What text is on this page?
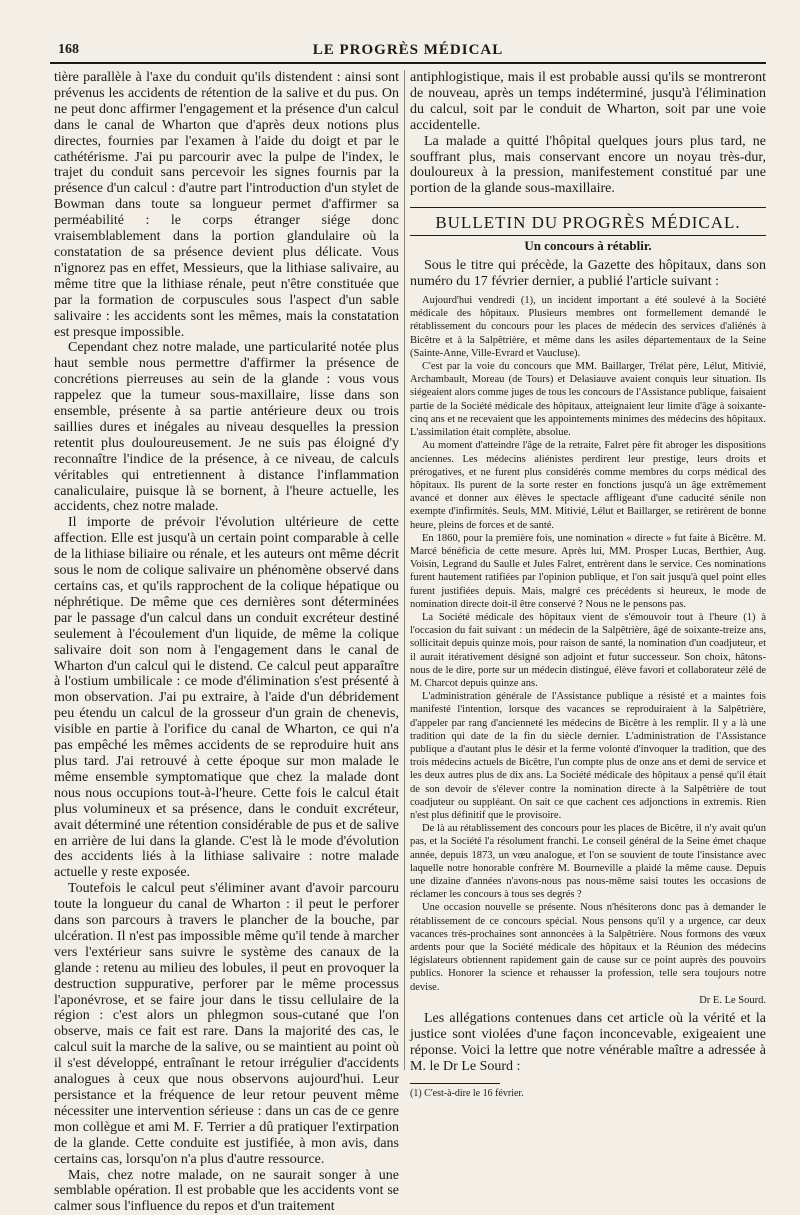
168	LE PROGRÈS MÉDICAL

tière parallèle à l'axe du conduit qu'ils distendent : ainsi sont prévenus les accidents de rétention de la salive et du pus. On ne peut donc affirmer l'engagement et la présence d'un calcul dans le canal de Wharton que d'après deux notions plus directes, fournies par l'examen à l'aide du doigt et par le cathétérisme. J'ai pu parcourir avec la pulpe de l'index, le trajet du conduit sans percevoir les signes fournis par la présence d'un calcul : d'autre part l'introduction d'un stylet de Bowman dans toute sa longueur permet d'affirmer sa perméabilité : le corps étranger siége donc vraisemblablement dans la portion glandulaire où la constatation de sa présence devient plus délicate. Vous n'ignorez pas en effet, Messieurs, que la lithiase salivaire, au même titre que la lithiase rénale, peut n'être constituée que par la formation de corpuscules sous l'aspect d'un sable salivaire : les accidents sont les mêmes, mais la constatation est presque impossible.

Cependant chez notre malade, une particularité notée plus haut semble nous permettre d'affirmer la présence de concrétions pierreuses au sein de la glande : vous vous rappelez que la tumeur sous-maxillaire, lisse dans son ensemble, présente à sa partie antérieure deux ou trois saillies dures et inégales au niveau desquelles la pression retentit plus douloureusement. Je ne suis pas éloigné d'y reconnaître l'indice de la présence, à ce niveau, de calculs véritables qui entretiennent à distance l'inflammation canaliculaire, puisque là se bornent, à l'heure actuelle, les accidents, chez notre malade.

Il importe de prévoir l'évolution ultérieure de cette affection. Elle est jusqu'à un certain point comparable à celle de la lithiase biliaire ou rénale, et les auteurs ont même décrit sous le nom de colique salivaire un phénomène observé dans certains cas, et qu'ils rapprochent de la colique hépatique ou néphrétique. De même que ces dernières sont déterminées par le passage d'un calcul dans un conduit excréteur destiné seulement à l'écoulement d'un liquide, de même la colique salivaire doit son nom à l'engagement dans le canal de Wharton d'un calcul qui le distend. Ce calcul peut apparaître à l'ostium umbilicale : ce mode d'élimination s'est présenté à mon observation. J'ai pu extraire, à l'aide d'un débridement peu étendu un calcul de la grosseur d'un grain de chenevis, visible en partie à l'orifice du canal de Wharton, ce qui n'a pas empêché les mêmes accidents de se reproduire huit ans plus tard. J'ai retrouvé à cette époque sur mon malade le même ensemble symptomatique que chez la malade dont nous nous occupions tout-à-l'heure. Cette fois le calcul était plus volumineux et sa présence, dans le conduit excréteur, avait déterminé une rétention considérable de pus et de salive en arrière de lui dans la glande. C'est là le mode d'évolution des accidents liés à la lithiase salivaire : notre malade actuelle y reste exposée.

Toutefois le calcul peut s'éliminer avant d'avoir parcouru toute la longueur du canal de Wharton : il peut le perforer dans son parcours à travers le plancher de la bouche, par ulcération. Il n'est pas impossible même qu'il tende à marcher vers l'extérieur sans suivre le système des canaux de la glande : retenu au milieu des lobules, il peut en provoquer la destruction suppurative, perforer par le même processus l'aponévrose, et se faire jour dans le tissu cellulaire de la région : c'est alors un phlegmon sous-cutané que l'on observe, mais ce fait est rare. Dans la majorité des cas, le calcul suit la marche de la salive, ou se maintient au point où il s'est développé, entraînant le retour irrégulier d'accidents analogues à ceux que nous observons aujourd'hui. Leur persistance et la fréquence de leur retour peuvent même nécessiter une intervention sérieuse : dans un cas de ce genre mon collègue et ami M. F. Terrier a dû pratiquer l'extirpation de la glande. Cette conduite est justifiée, à mon avis, dans certains cas, lorsqu'on n'a plus d'autre ressource.

Mais, chez notre malade, on ne saurait songer à une semblable opération. Il est probable que les accidents vont se calmer sous l'influence du repos et d'un traitement

antiphlogistique, mais il est probable aussi qu'ils se montreront de nouveau, après un temps indéterminé, jusqu'à l'élimination du calcul, soit par le conduit de Wharton, soit par une voie accidentelle.

La malade a quitté l'hôpital quelques jours plus tard, ne souffrant plus, mais conservant encore un noyau très-dur, douloureux à la pression, manifestement constitué par une portion de la glande sous-maxillaire.

BULLETIN DU PROGRÈS MÉDICAL.
Un concours à rétablir.

Sous le titre qui précède, la Gazette des hôpitaux, dans son numéro du 17 février dernier, a publié l'article suivant :

Aujourd'hui vendredi (1), un incident important a été soulevé à la Société médicale des hôpitaux. Plusieurs membres ont formellement demandé le rétablissement du concours pour les places de médecin des services d'aliénés à Bicêtre et à la Salpêtrière, et même dans les asiles départementaux de la Seine (Sainte-Anne, Ville-Evrard et Vaucluse).

C'est par la voie du concours que MM. Baillarger, Trélat père, Lélut, Mitivié, Archambault, Moreau (de Tours) et Delasiauve avaient conquis leur situation. Ils siégeaient alors comme juges de tous les concours de l'Assistance publique, faisaient partie de la Société médicale des hôpitaux, atteignaient leur limite d'âge à soixante-cinq ans et ne recevaient que les appointements minimes des médecins des hôpitaux. L'assimilation était complète, absolue.

Au moment d'atteindre l'âge de la retraite, Falret père fit abroger les dispositions anciennes. Les médecins aliénistes perdirent leur prestige, leurs droits et prérogatives, et ne furent plus considérés comme membres du corps médical des hôpitaux. Ils purent de la sorte rester en fonctions jusqu'à un âge extrêmement avancé et donner aux élèves le spectacle affligeant d'une caducité sénile non exempte d'infirmités. Seuls, MM. Mitivié, Lélut et Baillarger, se retirèrent de bonne heure, pleins de forces et de santé.

En 1860, pour la première fois, une nomination « directe » fut faite à Bicêtre. M. Marcé bénéficia de cette mesure. Après lui, MM. Prosper Lucas, Berthier, Aug. Voisin, Legrand du Saulle et Jules Falret, entrèrent dans le service. Ces nominations furent hautement ratifiées par l'opinion publique, et l'on sait jusqu'à quel point elles furent justifiées depuis. Mais, malgré ces précédents si heureux, le mode de nomination directe doit-il être conservé ? Nous ne le pensons pas.

La Société médicale des hôpitaux vient de s'émouvoir tout à l'heure (1) à l'occasion du fait suivant : un médecin de la Salpêtrière, âgé de soixante-treize ans, sollicitait depuis quinze mois, pour raison de santé, la nomination d'un coadjuteur, et il aurait itérativement désigné son adjoint et futur successeur. Son choix, hâtons-nous de le dire, porte sur un médecin distingué, élève favori et collaborateur zélé de M. Charcot depuis quinze ans.

L'administration générale de l'Assistance publique a résisté et a maintes fois manifesté l'intention, lorsque des vacances se reproduiraient à la Salpêtrière, d'appeler par rang d'ancienneté les médecins de Bicêtre à les remplir. Il y a là une tradition qui date de la fin du siècle dernier. L'administration de l'Assistance publique a d'autant plus le désir et la ferme volonté d'invoquer la tradition, que des trois médecins actuels de Bicêtre, l'un compte plus de onze ans et demi de service et les deux autres plus de dix ans. La Société médicale des hôpitaux a pensé qu'il était de son devoir de s'élever contre la nomination directe à la Salpêtrière de tout coadjuteur ou suppléant. On sait ce que cachent ces adjonctions in extremis. Rien n'est plus définitif que le provisoire.

De là au rétablissement des concours pour les places de Bicêtre, il n'y avait qu'un pas, et la Société l'a résolument franchi. Le conseil général de la Seine émet chaque année, depuis 1873, un vœu analogue, et l'on se souvient de toute l'insistance avec laquelle notre honorable confrère M. Bourneville a plaidé la même cause. Depuis une dizaine d'années n'avons-nous pas nous-même saisi toutes les occasions de réclamer les concours à tous ses degrés ?

Une occasion nouvelle se présente. Nous n'hésiterons donc pas à demander le rétablissement de ce concours spécial. Nous pensons qu'il y a urgence, car deux vacances très-prochaines sont annoncées à la Salpêtrière. Nous formons des vœux ardents pour que la Société médicale des hôpitaux et la Réunion des médecins législateurs obtiennent rapidement gain de cause sur ce point auprès des pouvoirs publics. Honorer la science et rehausser la profession, telle sera toujours notre devise.

Dr E. Le Sourd.

Les allégations contenues dans cet article où la vérité et la justice sont violées d'une façon inconcevable, exigeaient une réponse. Voici la lettre que notre vénérable maître a adressée à M. le Dr Le Sourd :

(1) C'est-à-dire le 16 février.
